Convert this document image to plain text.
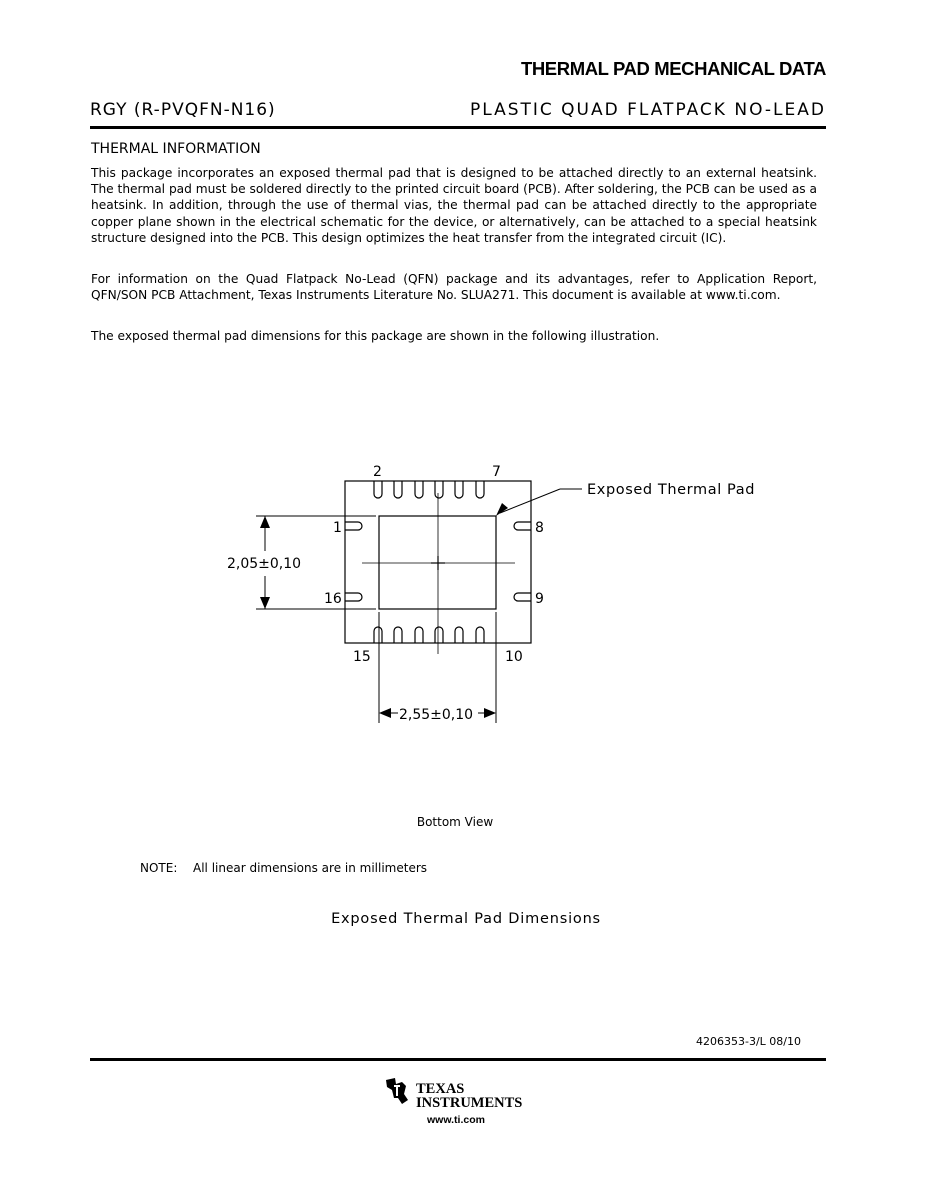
THERMAL PAD MECHANICAL DATA
RGY (R-PVQFN-N16)	PLASTIC QUAD FLATPACK NO-LEAD
THERMAL INFORMATION
This package incorporates an exposed thermal pad that is designed to be attached directly to an external heatsink. The thermal pad must be soldered directly to the printed circuit board (PCB). After soldering, the PCB can be used as a heatsink. In addition, through the use of thermal vias, the thermal pad can be attached directly to the appropriate copper plane shown in the electrical schematic for the device, or alternatively, can be attached to a special heatsink structure designed into the PCB. This design optimizes the heat transfer from the integrated circuit (IC).
For information on the Quad Flatpack No-Lead (QFN) package and its advantages, refer to Application Report, QFN/SON PCB Attachment, Texas Instruments Literature No. SLUA271. This document is available at www.ti.com.
The exposed thermal pad dimensions for this package are shown in the following illustration.
2	7
1	8
16	9
15	10
Exposed Thermal Pad
2,05±0,10
2,55±0,10
Bottom View
NOTE: All linear dimensions are in millimeters
Exposed Thermal Pad Dimensions
4206353-3/L 08/10
TEXAS
INSTRUMENTS
www.ti.com
